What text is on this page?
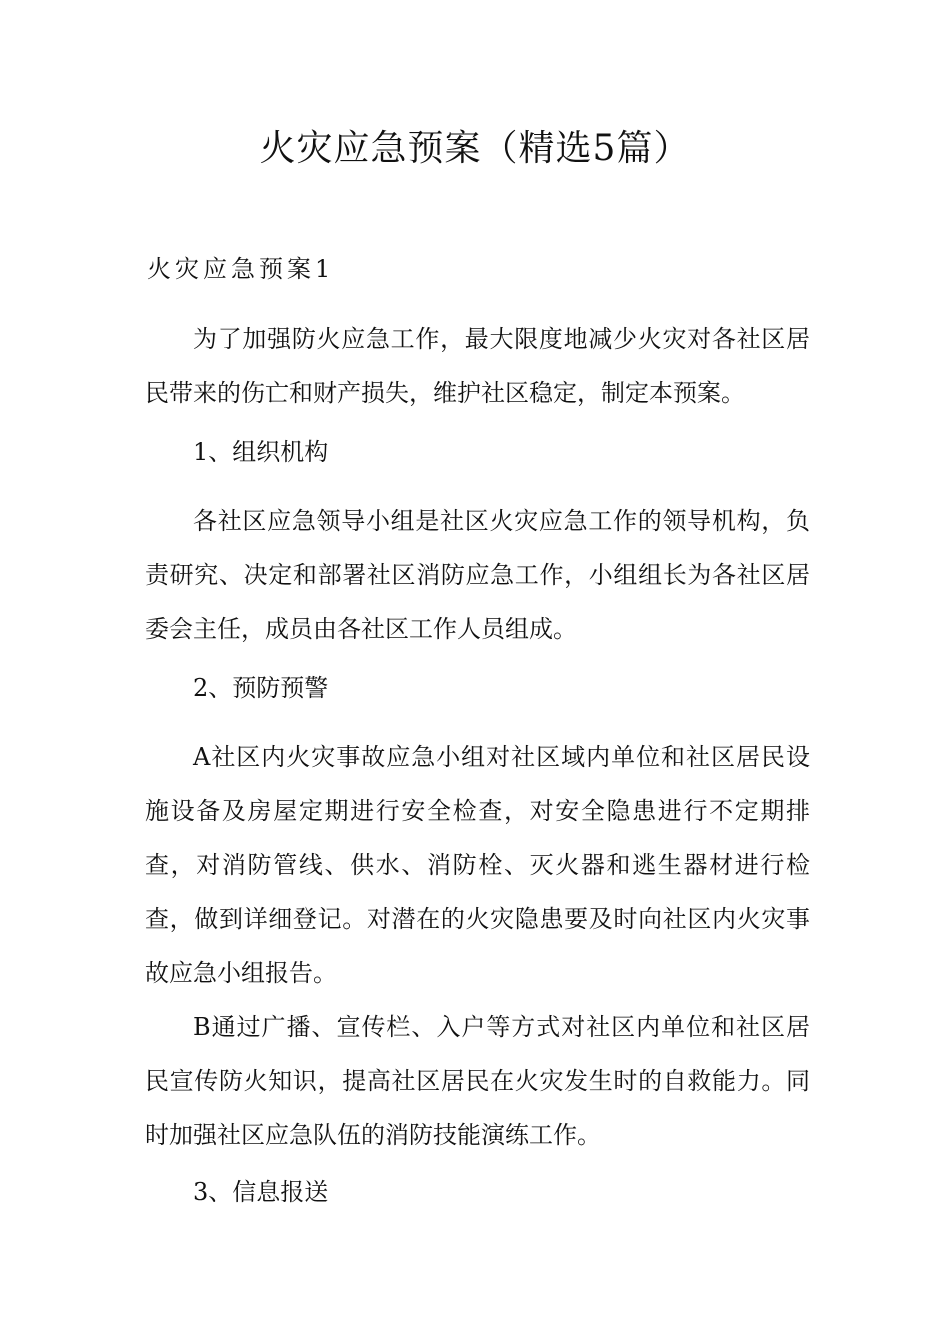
火灾应急预案（精选5篇）
火灾应急预案1

为了加强防火应急工作，最大限度地减少火灾对各社区居民带来的伤亡和财产损失，维护社区稳定，制定本预案。

1、组织机构

各社区应急领导小组是社区火灾应急工作的领导机构，负责研究、决定和部署社区消防应急工作，小组组长为各社区居委会主任，成员由各社区工作人员组成。

2、预防预警

A社区内火灾事故应急小组对社区域内单位和社区居民设施设备及房屋定期进行安全检查，对安全隐患进行不定期排查，对消防管线、供水、消防栓、灭火器和逃生器材进行检查，做到详细登记。对潜在的火灾隐患要及时向社区内火灾事故应急小组报告。

B通过广播、宣传栏、入户等方式对社区内单位和社区居民宣传防火知识，提高社区居民在火灾发生时的自救能力。同时加强社区应急队伍的消防技能演练工作。

3、信息报送
